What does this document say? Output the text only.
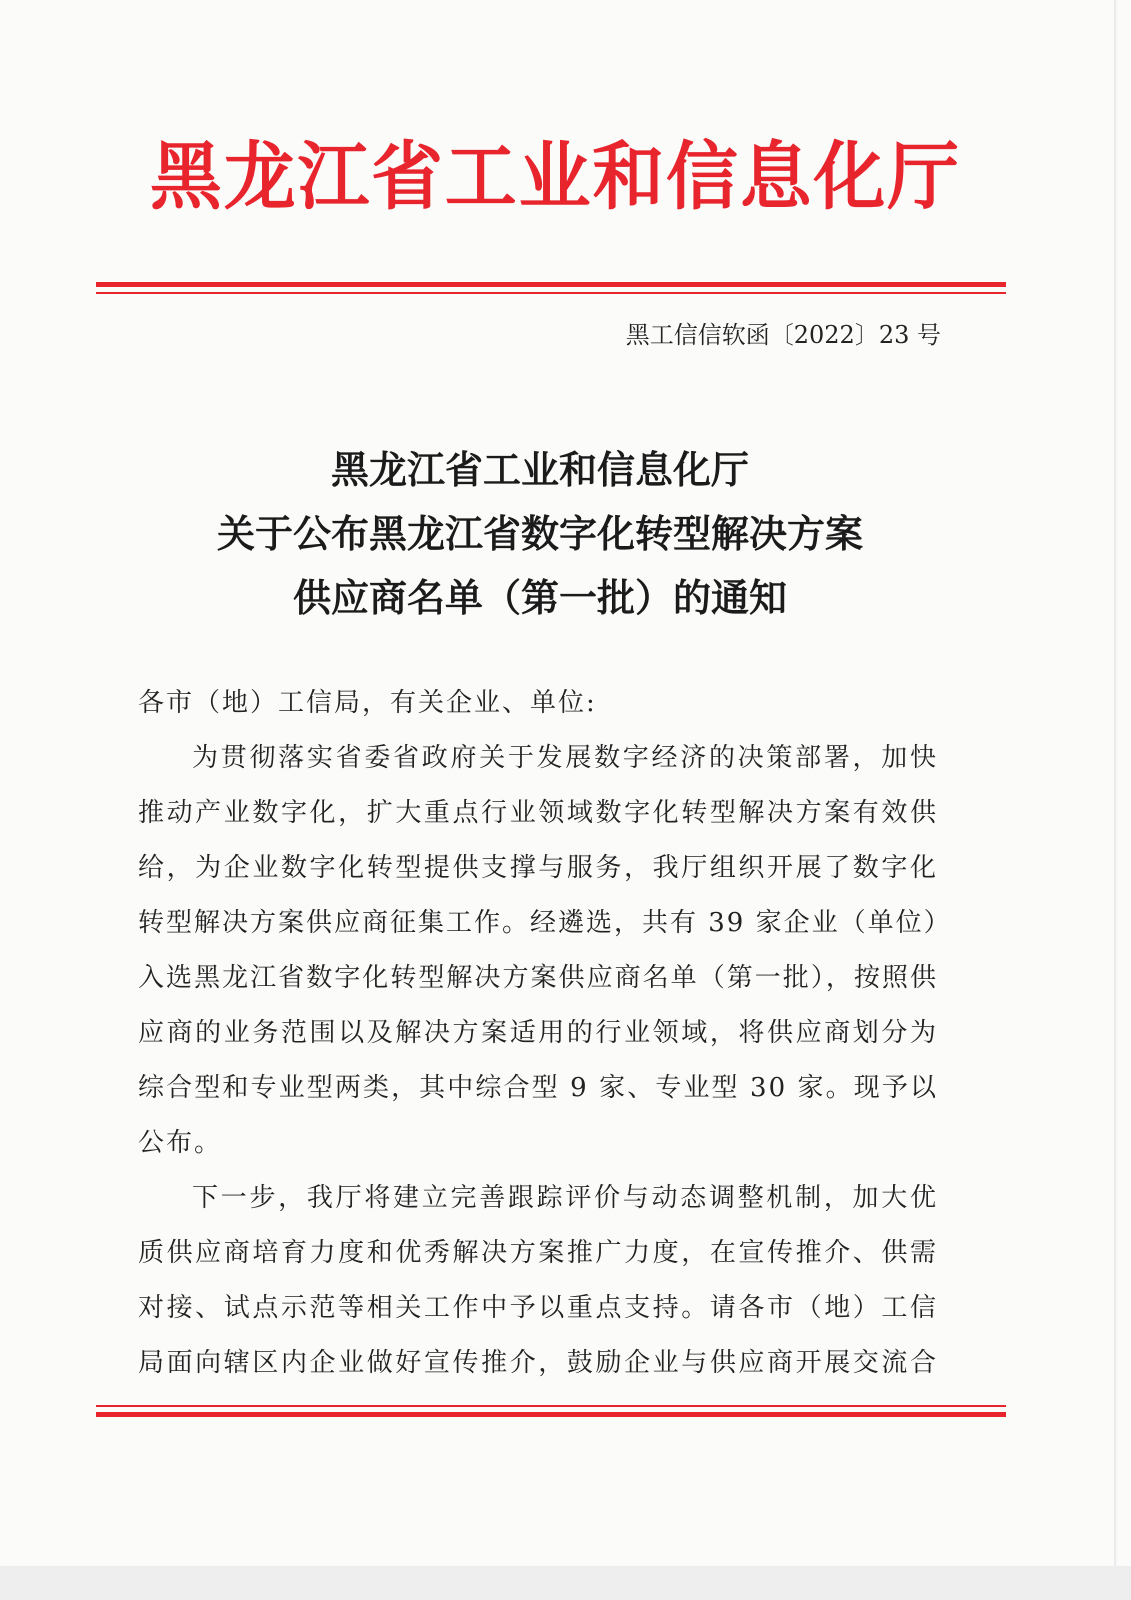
黑龙江省工业和信息化厅
黑工信信软函〔2022〕23 号
黑龙江省工业和信息化厅
关于公布黑龙江省数字化转型解决方案
供应商名单（第一批）的通知
各市（地）工信局，有关企业、单位:
为贯彻落实省委省政府关于发展数字经济的决策部署，加快
推动产业数字化，扩大重点行业领域数字化转型解决方案有效供
给，为企业数字化转型提供支撑与服务，我厅组织开展了数字化
转型解决方案供应商征集工作。经遴选，共有 39 家企业（单位）
入选黑龙江省数字化转型解决方案供应商名单（第一批），按照供
应商的业务范围以及解决方案适用的行业领域，将供应商划分为
综合型和专业型两类，其中综合型 9 家、专业型 30 家。现予以
公布。
下一步，我厅将建立完善跟踪评价与动态调整机制，加大优
质供应商培育力度和优秀解决方案推广力度，在宣传推介、供需
对接、试点示范等相关工作中予以重点支持。请各市（地）工信
局面向辖区内企业做好宣传推介，鼓励企业与供应商开展交流合
